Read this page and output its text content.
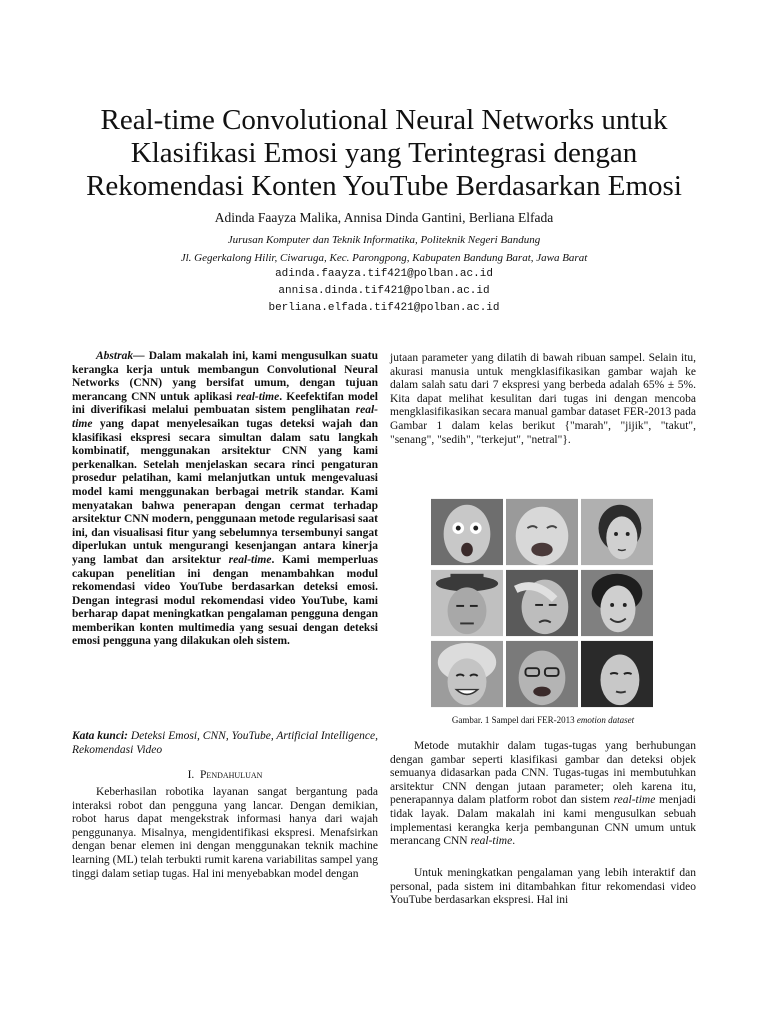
Real-time Convolutional Neural Networks untuk
Klasifikasi Emosi yang Terintegrasi dengan
Rekomendasi Konten YouTube Berdasarkan Emosi
Adinda Faayza Malika, Annisa Dinda Gantini, Berliana Elfada
Jurusan Komputer dan Teknik Informatika, Politeknik Negeri Bandung
Jl. Gegerkalong Hilir, Ciwaruga, Kec. Parongpong, Kabupaten Bandung Barat, Jawa Barat
adinda.faayza.tif421@polban.ac.id
annisa.dinda.tif421@polban.ac.id
berliana.elfada.tif421@polban.ac.id

Abstrak— Dalam makalah ini, kami mengusulkan suatu kerangka kerja untuk membangun Convolutional Neural Networks (CNN) yang bersifat umum, dengan tujuan merancang CNN untuk aplikasi real-time. Keefektifan model ini diverifikasi melalui pembuatan sistem penglihatan real-time yang dapat menyelesaikan tugas deteksi wajah dan klasifikasi ekspresi secara simultan dalam satu langkah kombinatif, menggunakan arsitektur CNN yang kami perkenalkan. Setelah menjelaskan secara rinci pengaturan prosedur pelatihan, kami melanjutkan untuk mengevaluasi model kami menggunakan berbagai metrik standar. Kami menyatakan bahwa penerapan dengan cermat terhadap arsitektur CNN modern, penggunaan metode regularisasi saat ini, dan visualisasi fitur yang sebelumnya tersembunyi sangat diperlukan untuk mengurangi kesenjangan antara kinerja yang lambat dan arsitektur real-time. Kami memperluas cakupan penelitian ini dengan menambahkan modul rekomendasi video YouTube berdasarkan deteksi emosi. Dengan integrasi modul rekomendasi video YouTube, kami berharap dapat meningkatkan pengalaman pengguna dengan memberikan konten multimedia yang sesuai dengan deteksi emosi pengguna yang dilakukan oleh sistem.

Kata kunci: Deteksi Emosi, CNN, YouTube, Artificial Intelligence, Rekomendasi Video

I. Pendahuluan

Keberhasilan robotika layanan sangat bergantung pada interaksi robot dan pengguna yang lancar. Dengan demikian, robot harus dapat mengekstrak informasi hanya dari wajah penggunanya. Misalnya, mengidentifikasi ekspresi. Menafsirkan dengan benar elemen ini dengan menggunakan teknik machine learning (ML) telah terbukti rumit karena variabilitas sampel yang tinggi dalam setiap tugas. Hal ini menyebabkan model dengan

jutaan parameter yang dilatih di bawah ribuan sampel. Selain itu, akurasi manusia untuk mengklasifikasikan gambar wajah ke dalam salah satu dari 7 ekspresi yang berbeda adalah 65% ± 5%. Kita dapat melihat kesulitan dari tugas ini dengan mencoba mengklasifikasikan secara manual gambar dataset FER-2013 pada Gambar 1 dalam kelas berikut {"marah", "jijik", "takut", "senang", "sedih", "terkejut", "netral"}.

Gambar. 1 Sampel dari FER-2013 emotion dataset

Metode mutakhir dalam tugas-tugas yang berhubungan dengan gambar seperti klasifikasi gambar dan deteksi objek semuanya didasarkan pada CNN. Tugas-tugas ini membutuhkan arsitektur CNN dengan jutaan parameter; oleh karena itu, penerapannya dalam platform robot dan sistem real-time menjadi tidak layak. Dalam makalah ini kami mengusulkan sebuah implementasi kerangka kerja pembangunan CNN umum untuk merancang CNN real-time.

Untuk meningkatkan pengalaman yang lebih interaktif dan personal, pada sistem ini ditambahkan fitur rekomendasi video YouTube berdasarkan ekspresi. Hal ini
